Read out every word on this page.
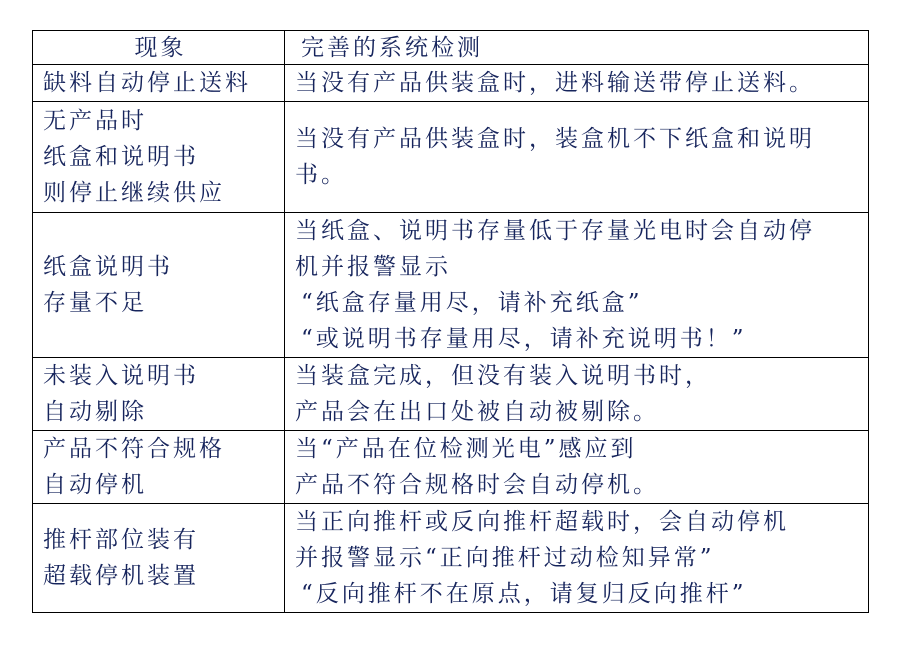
现象	完善的系统检测

缺料自动停止送料	当没有产品供装盒时，进料输送带停止送料。

无产品时
纸盒和说明书
则停止继续供应	当没有产品供装盒时，装盒机不下纸盒和说明书。

纸盒说明书
存量不足	当纸盒、说明书存量低于存量光电时会自动停
机并报警显示
“纸盒存量用尽，请补充纸盒”
“或说明书存量用尽，请补充说明书！”

未装入说明书
自动剔除	当装盒完成，但没有装入说明书时，
产品会在出口处被自动被剔除。

产品不符合规格
自动停机	当“产品在位检测光电”感应到
产品不符合规格时会自动停机。

推杆部位装有
超载停机装置	当正向推杆或反向推杆超载时，会自动停机
并报警显示“正向推杆过动检知异常”
“反向推杆不在原点，请复归反向推杆”
